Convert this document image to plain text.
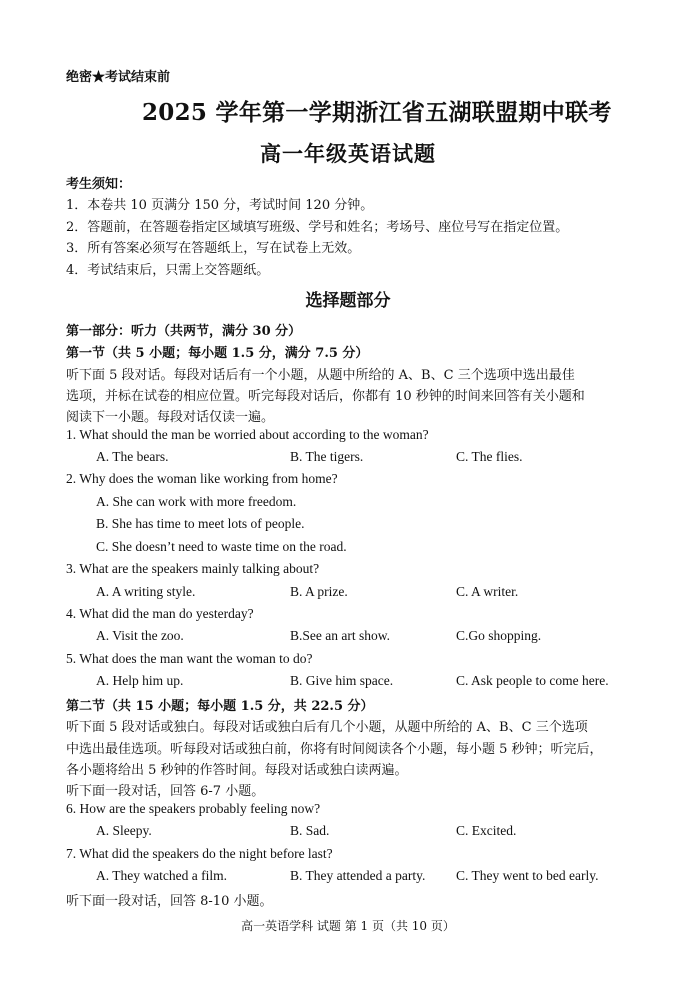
绝密★考试结束前
2025 学年第一学期浙江省五湖联盟期中联考
高一年级英语试题
考生须知：
1．本卷共 10 页满分 150 分，考试时间 120 分钟。
2．答题前，在答题卷指定区域填写班级、学号和姓名；考场号、座位号写在指定位置。
3．所有答案必须写在答题纸上，写在试卷上无效。
4．考试结束后，只需上交答题纸。
选择题部分
第一部分：听力（共两节，满分 30 分）
第一节（共 5 小题；每小题 1.5 分，满分 7.5 分）
听下面 5 段对话。每段对话后有一个小题，从题中所给的 A、B、C 三个选项中选出最佳
选项，并标在试卷的相应位置。听完每段对话后，你都有 10 秒钟的时间来回答有关小题和
阅读下一小题。每段对话仅读一遍。
1. What should the man be worried about according to the woman?
A. The bears.	B. The tigers.	C. The flies.
2. Why does the woman like working from home?
A. She can work with more freedom.
B. She has time to meet lots of people.
C. She doesn’t need to waste time on the road.
3. What are the speakers mainly talking about?
A. A writing style.	B. A prize.	C. A writer.
4. What did the man do yesterday?
A. Visit the zoo.	B.See an art show.	C.Go shopping.
5. What does the man want the woman to do?
A. Help him up.	B. Give him space.	C. Ask people to come here.
第二节（共 15 小题；每小题 1.5 分，共 22.5 分）
听下面 5 段对话或独白。每段对话或独白后有几个小题，从题中所给的 A、B、C 三个选项
中选出最佳选项。听每段对话或独白前，你将有时间阅读各个小题，每小题 5 秒钟；听完后，
各小题将给出 5 秒钟的作答时间。每段对话或独白读两遍。
听下面一段对话，回答 6-7 小题。
6. How are the speakers probably feeling now?
A. Sleepy.	B. Sad.	C. Excited.
7. What did the speakers do the night before last?
A. They watched a film.	B. They attended a party. C. They went to bed early.
听下面一段对话，回答 8-10 小题。
高一英语学科 试题 第 1 页（共 10 页）
